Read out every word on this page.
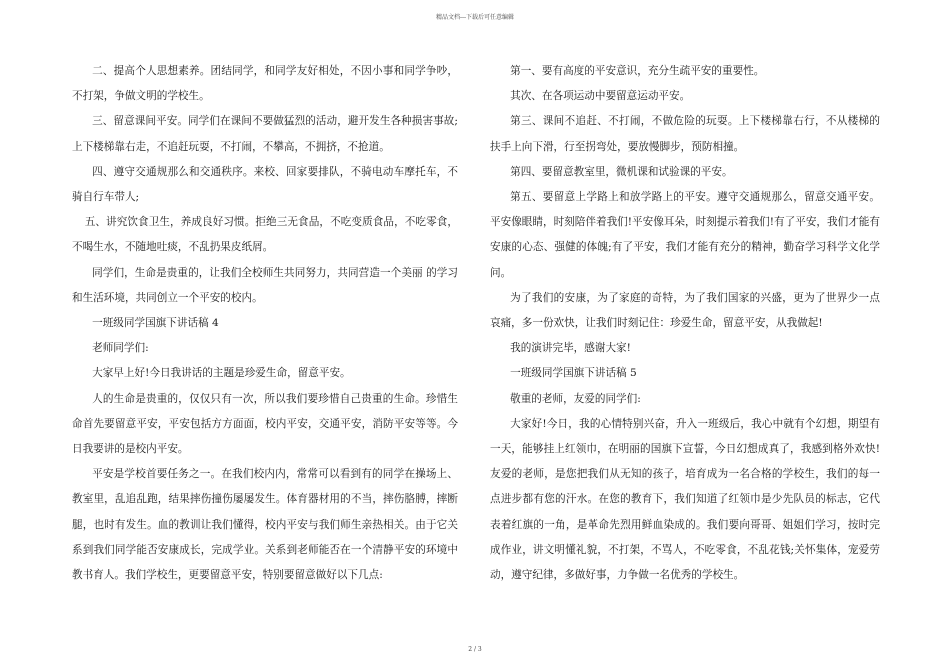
精品文档---下载后可任意编辑

二、提高个人思想素养。团结同学，和同学友好相处，不因小事和同学争吵，不打架，争做文明的学校生。

三、留意课间平安。同学们在课间不要做猛烈的活动，避开发生各种损害事故;上下楼梯靠右走，不追赶玩耍，不打闹，不攀高，不拥挤，不抢道。

四、遵守交通规那么和交通秩序。来校、回家要排队，不骑电动车摩托车，不骑自行车带人;

五、讲究饮食卫生，养成良好习惯。拒绝三无食品，不吃变质食品，不吃零食，不喝生水，不随地吐痰，不乱扔果皮纸屑。

同学们，生命是贵重的，让我们全校师生共同努力，共同营造一个美丽 的学习和生活环境，共同创立一个平安的校内。

一班级同学国旗下讲话稿 4

老师同学们:

大家早上好!今日我讲话的主题是珍爱生命，留意平安。

人的生命是贵重的，仅仅只有一次，所以我们要珍惜自己贵重的生命。珍惜生命首先要留意平安，平安包括方方面面，校内平安，交通平安，消防平安等等。今日我要讲的是校内平安。

平安是学校首要任务之一。在我们校内内，常常可以看到有的同学在操场上、教室里，乱追乱跑，结果摔伤撞伤屡屡发生。体育器材用的不当，摔伤胳膊，摔断腿，也时有发生。血的教训让我们懂得，校内平安与我们师生亲热相关。由于它关系到我们同学能否安康成长，完成学业。关系到老师能否在一个清静平安的环境中教书育人。我们学校生，更要留意平安，特别要留意做好以下几点:

第一、要有高度的平安意识，充分生疏平安的重要性。

其次、在各项运动中要留意运动平安。

第三、课间不追赶、不打闹，不做危险的玩耍。上下楼梯靠右行，不从楼梯的扶手上向下滑，行至拐弯处，要放慢脚步，预防相撞。

第四、要留意教室里，微机课和试验课的平安。

第五、要留意上学路上和放学路上的平安。遵守交通规那么，留意交通平安。平安像眼睛，时刻陪伴着我们!平安像耳朵，时刻提示着我们!有了平安，我们才能有安康的心态、强健的体魄;有了平安，我们才能有充分的精神，勤奋学习科学文化学问。

为了我们的安康，为了家庭的奇特，为了我们国家的兴盛，更为了世界少一点哀痛，多一份欢快，让我们时刻记住：珍爱生命，留意平安，从我做起!

我的演讲完毕，感谢大家!

一班级同学国旗下讲话稿 5

敬重的老师，友爱的同学们:

大家好!今日，我的心情特别兴奋，升入一班级后，我心中就有个幻想，期望有一天，能够挂上红领巾，在明丽的国旗下宣誓，今日幻想成真了，我感到格外欢快!友爱的老师，是您把我们从无知的孩子，培育成为一名合格的学校生，我们的每一点进步都有您的汗水。在您的教育下，我们知道了红领巾是少先队员的标志，它代表着红旗的一角，是革命先烈用鲜血染成的。我们要向哥哥、姐姐们学习，按时完成作业，讲文明懂礼貌，不打架，不骂人，不吃零食，不乱花钱;关怀集体，宠爱劳动，遵守纪律，多做好事，力争做一名优秀的学校生。

2 / 3
